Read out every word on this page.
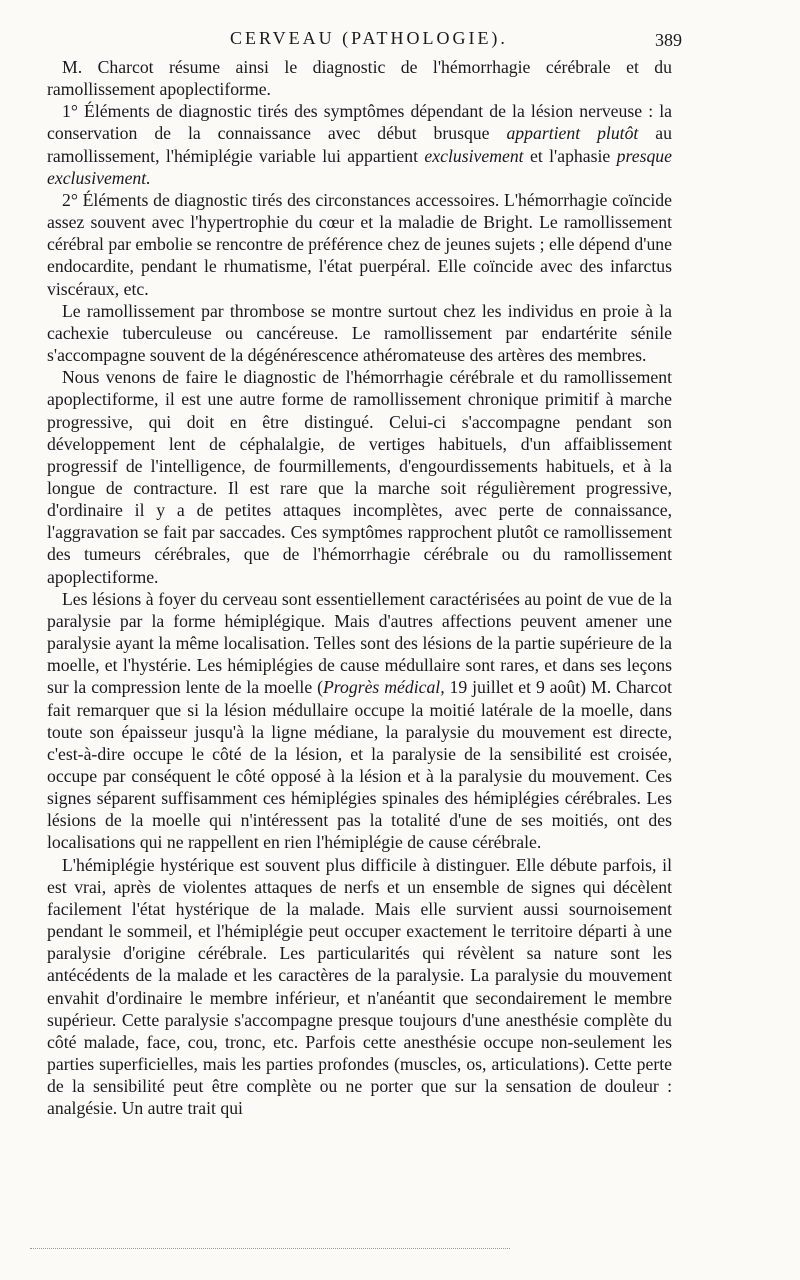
CERVEAU (PATHOLOGIE).	389

M. Charcot résume ainsi le diagnostic de l'hémorrhagie cérébrale et du ramollissement apoplectiforme.

1° Éléments de diagnostic tirés des symptômes dépendant de la lésion nerveuse : la conservation de la connaissance avec début brusque appartient plutôt au ramollissement, l'hémiplégie variable lui appartient exclusivement et l'aphasie presque exclusivement.

2° Éléments de diagnostic tirés des circonstances accessoires. L'hémorrhagie coïncide assez souvent avec l'hypertrophie du cœur et la maladie de Bright. Le ramollissement cérébral par embolie se rencontre de préférence chez de jeunes sujets ; elle dépend d'une endocardite, pendant le rhumatisme, l'état puerpéral. Elle coïncide avec des infarctus viscéraux, etc.

Le ramollissement par thrombose se montre surtout chez les individus en proie à la cachexie tuberculeuse ou cancéreuse. Le ramollissement par endartérite sénile s'accompagne souvent de la dégénérescence athéromateuse des artères des membres.

Nous venons de faire le diagnostic de l'hémorrhagie cérébrale et du ramollissement apoplectiforme, il est une autre forme de ramollissement chronique primitif à marche progressive, qui doit en être distingué. Celui-ci s'accompagne pendant son développement lent de céphalalgie, de vertiges habituels, d'un affaiblissement progressif de l'intelligence, de fourmillements, d'engourdissements habituels, et à la longue de contracture. Il est rare que la marche soit régulièrement progressive, d'ordinaire il y a de petites attaques incomplètes, avec perte de connaissance, l'aggravation se fait par saccades. Ces symptômes rapprochent plutôt ce ramollissement des tumeurs cérébrales, que de l'hémorrhagie cérébrale ou du ramollissement apoplectiforme.

Les lésions à foyer du cerveau sont essentiellement caractérisées au point de vue de la paralysie par la forme hémiplégique. Mais d'autres affections peuvent amener une paralysie ayant la même localisation. Telles sont des lésions de la partie supérieure de la moelle, et l'hystérie. Les hémiplégies de cause médullaire sont rares, et dans ses leçons sur la compression lente de la moelle (Progrès médical, 19 juillet et 9 août) M. Charcot fait remarquer que si la lésion médullaire occupe la moitié latérale de la moelle, dans toute son épaisseur jusqu'à la ligne médiane, la paralysie du mouvement est directe, c'est-à-dire occupe le côté de la lésion, et la paralysie de la sensibilité est croisée, occupe par conséquent le côté opposé à la lésion et à la paralysie du mouvement. Ces signes séparent suffisamment ces hémiplégies spinales des hémiplégies cérébrales. Les lésions de la moelle qui n'intéressent pas la totalité d'une de ses moitiés, ont des localisations qui ne rappellent en rien l'hémiplégie de cause cérébrale.

L'hémiplégie hystérique est souvent plus difficile à distinguer. Elle débute parfois, il est vrai, après de violentes attaques de nerfs et un ensemble de signes qui décèlent facilement l'état hystérique de la malade. Mais elle survient aussi sournoisement pendant le sommeil, et l'hémiplégie peut occuper exactement le territoire départi à une paralysie d'origine cérébrale. Les particularités qui révèlent sa nature sont les antécédents de la malade et les caractères de la paralysie. La paralysie du mouvement envahit d'ordinaire le membre inférieur, et n'anéantit que secondairement le membre supérieur. Cette paralysie s'accompagne presque toujours d'une anesthésie complète du côté malade, face, cou, tronc, etc. Parfois cette anesthésie occupe non-seulement les parties superficielles, mais les parties profondes (muscles, os, articulations). Cette perte de la sensibilité peut être complète ou ne porter que sur la sensation de douleur : analgésie. Un autre trait qui
